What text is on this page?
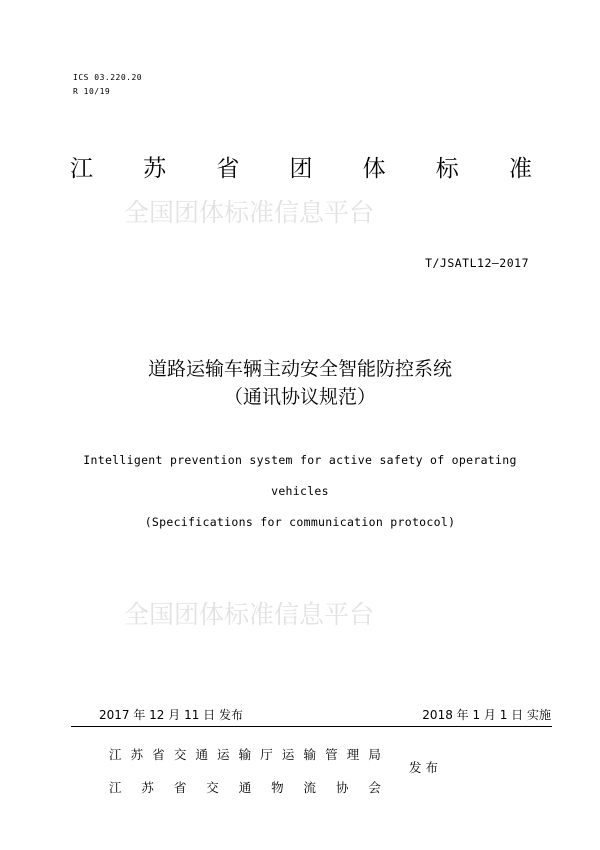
ICS 03.220.20
R 10/19
江 苏 省 团 体 标 准
全国团体标准信息平台
T/JSATL12—2017
道路运输车辆主动安全智能防控系统
（通讯协议规范）
Intelligent prevention system for active safety of operating
vehicles
(Specifications for communication protocol)
全国团体标准信息平台
2017 年 12 月 11 日 发布	2018 年 1 月 1 日 实施
江 苏 省 交 通 运 输 厅 运 输 管 理 局
江 苏 省 交 通 物 流 协 会
发布
